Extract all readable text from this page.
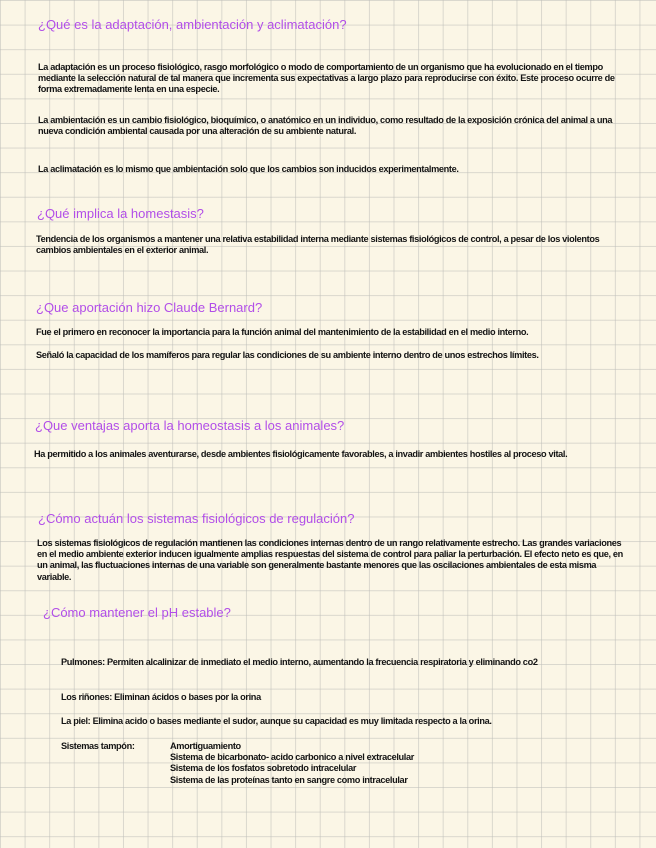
¿Qué es la adaptación, ambientación y aclimatación?

La adaptación es un proceso fisiológico, rasgo morfológico o modo de comportamiento de un organismo que ha evolucionado en el tiempo mediante la selección natural de tal manera que incrementa sus expectativas a largo plazo para reproducirse con éxito. Este proceso ocurre de forma extremadamente lenta en una especie.

La ambientación es un cambio fisiológico, bioquímico, o anatómico en un individuo, como resultado de la exposición crónica del animal a una nueva condición ambiental causada por una alteración de su ambiente natural.

La aclimatación es lo mismo que ambientación solo que los cambios son inducidos experimentalmente.

¿Qué implica la homestasis?

Tendencia de los organismos a mantener una relativa estabilidad interna mediante sistemas fisiológicos de control, a pesar de los violentos cambios ambientales en el exterior animal.

¿Que aportación hizo Claude Bernard?

Fue el primero en reconocer la importancia para la función animal del mantenimiento de la estabilidad en el medio interno.

Señaló la capacidad de los mamíferos para regular las condiciones de su ambiente interno dentro de unos estrechos límites.

¿Que ventajas aporta la homeostasis a los animales?

Ha permitido a los animales aventurarse, desde ambientes fisiológicamente favorables, a invadir ambientes hostiles al proceso vital.

¿Cómo actuán los sistemas fisiológicos de regulación?

Los sistemas fisiológicos de regulación mantienen las condiciones internas dentro de un rango relativamente estrecho. Las grandes variaciones en el medio ambiente exterior inducen igualmente amplias respuestas del sistema de control para paliar la perturbación. El efecto neto es que, en un animal, las fluctuaciones internas de una variable son generalmente bastante menores que las oscilaciones ambientales de esta misma variable.

¿Cómo mantener el pH estable?

Pulmones: Permiten alcalinizar de inmediato el medio interno, aumentando la frecuencia respiratoria y eliminando co2

Los riñones: Eliminan ácidos o bases por la orina

La piel: Elimina acido o bases mediante el sudor, aunque su capacidad es muy limitada respecto a la orina.

Sistemas tampón:	Amortiguamiento
Sistema de bicarbonato- acido carbonico a nivel extracelular
Sistema de los fosfatos sobretodo intracelular
Sistema de las proteínas tanto en sangre como intracelular
